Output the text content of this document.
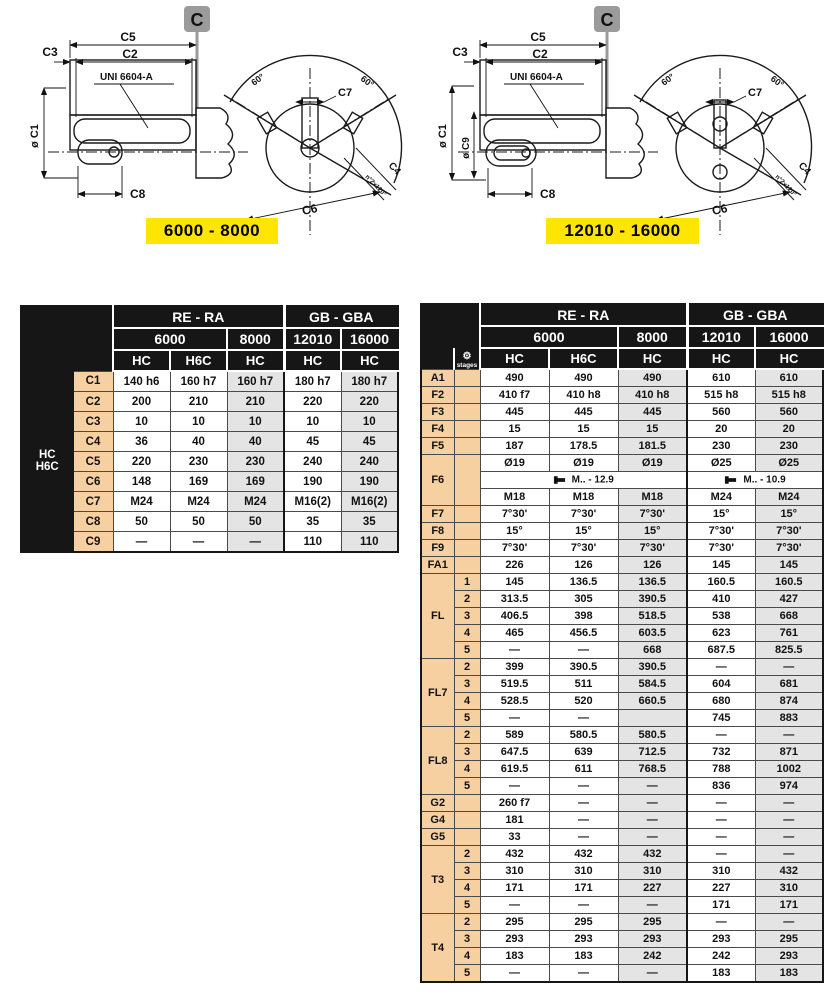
C
C5
C2
C3
UNI 6604-A
ø C1
C8
60°	60°
C7
C4
n°2x120°
C6
C
C5
C2
C3
UNI 6604-A
ø C1
ø C9
C8
60°	60°
C7
C4
n°2x120°
C6
6000 - 8000	12010 - 16000
		RE - RA			GB - GBA	
		6000		8000	12010	16000
		HC	H6C	HC	HC	HC

HC
H6C	C1	140 h6	160 h7	160 h7	180 h7	180 h7
	C2	200	210	210	220	220
	C3	10	10	10	10	10
	C4	36	40	40	45	45
	C5	220	230	230	240	240
	C6	148	169	169	190	190
	C7	M24	M24	M24	M16(2)	M16(2)
	C8	50	50	50	35	35
	C9	—	—	—	110	110
		RE - RA			GB - GBA	
		6000		8000	12010	16000

	⚙
stages	HC	H6C	HC	HC	HC
A1		490	490	490	610	610
F2		410 f7	410 h8	410 h8	515 h8	515 h8
F3		445	445	445	560	560
F4		15	15	15	20	20
F5		187	178.5	181.5	230	230
F6		Ø19	Ø19	Ø19	Ø25	Ø25
		M.. - 12.9			M.. - 10.9	
		M18	M18	M18	M24	M24
F7		7°30'	7°30'	7°30'	15°	15°
F8		15°	15°	15°	7°30'	7°30'
F9		7°30'	7°30'	7°30'	7°30'	7°30'
FA1		226	126	126	145	145
FL	1	145	136.5	136.5	160.5	160.5
	2	313.5	305	390.5	410	427
	3	406.5	398	518.5	538	668
	4	465	456.5	603.5	623	761
	5	—	—	668	687.5	825.5
FL7	2	399	390.5	390.5	—	—
	3	519.5	511	584.5	604	681
	4	528.5	520	660.5	680	874
	5	—	—		745	883
FL8	2	589	580.5	580.5	—	—
	3	647.5	639	712.5	732	871
	4	619.5	611	768.5	788	1002
	5	—	—	—	836	974
G2		260 f7	—	—	—	—
G4		181	—	—	—	—
G5		33	—	—	—	—
T3	2	432	432	432	—	—
	3	310	310	310	310	432
	4	171	171	227	227	310
	5	—	—	—	171	171
T4	2	295	295	295	—	—
	3	293	293	293	293	295
	4	183	183	242	242	293
	5	—	—	—	183	183
